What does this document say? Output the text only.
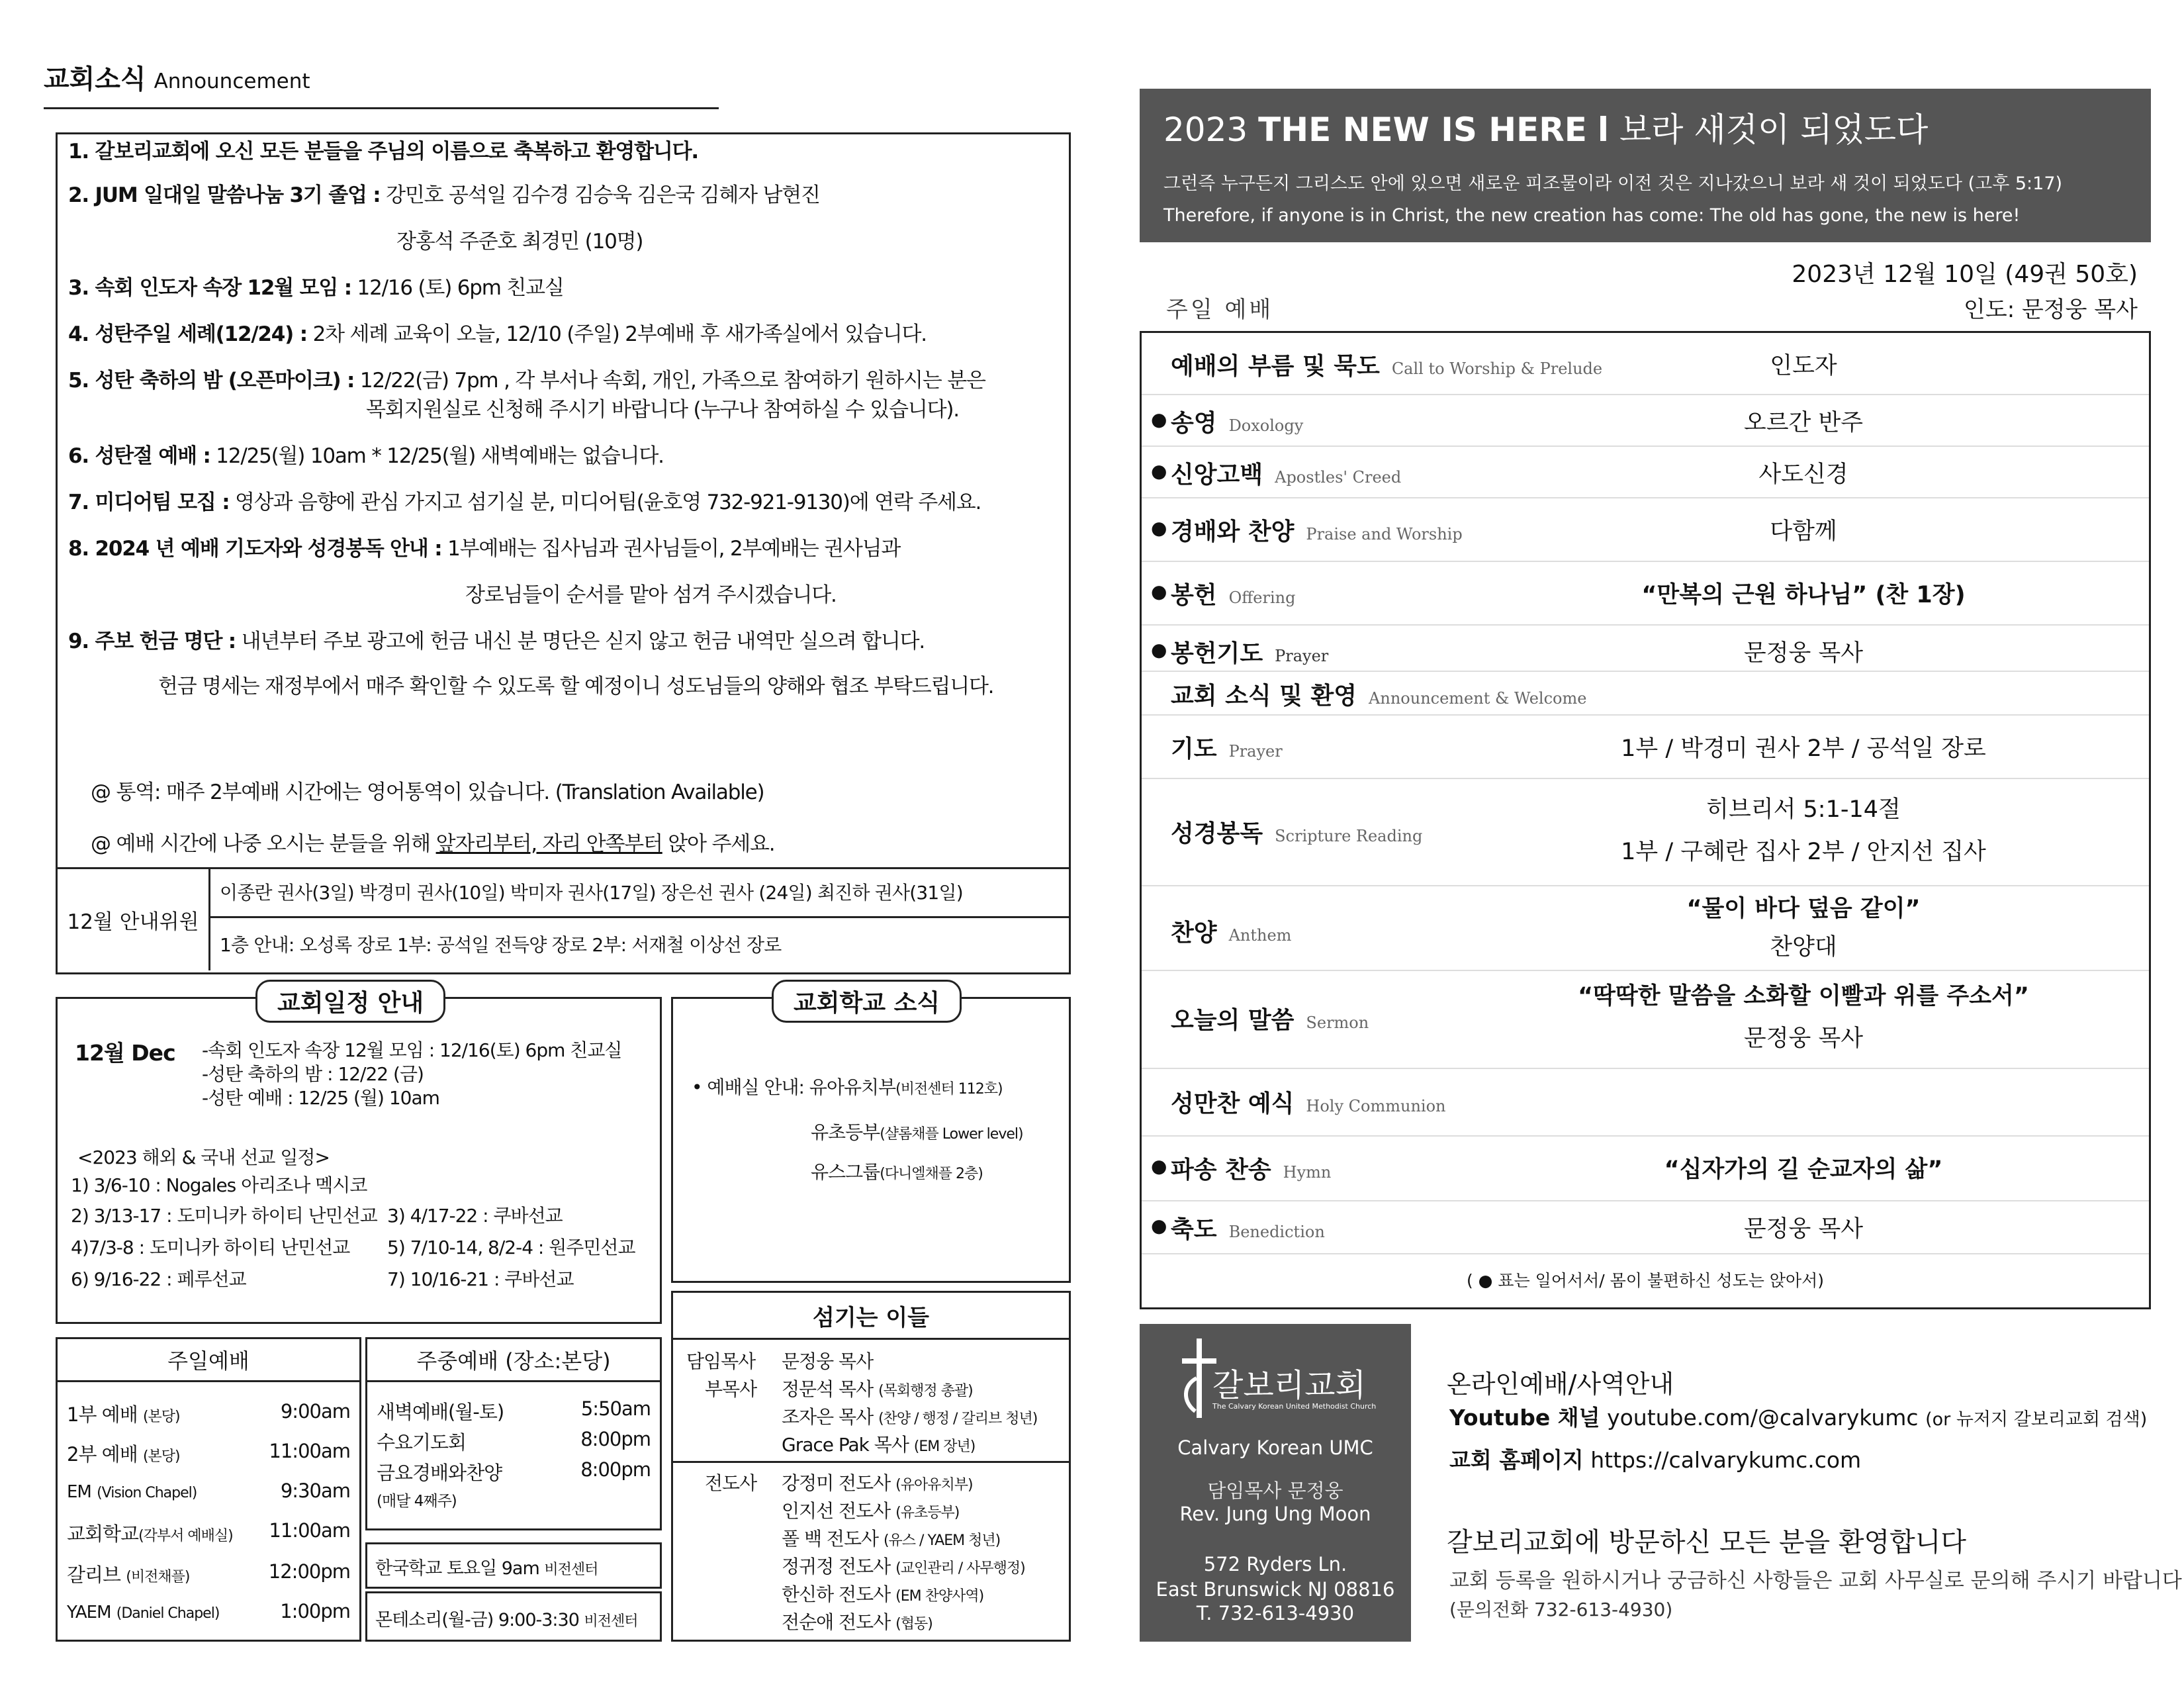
교회소식 Announcement
1. 갈보리교회에 오신 모든 분들을 주님의 이름으로 축복하고 환영합니다.
2. JUM 일대일 말씀나눔 3기 졸업 : 강민호 공석일 김수경 김승욱 김은국 김혜자 남현진
장홍석 주준호 최경민 (10명)
3. 속회 인도자 속장 12월 모임 : 12/16 (토) 6pm 친교실
4. 성탄주일 세례(12/24) : 2차 세례 교육이 오늘, 12/10 (주일) 2부예배 후 새가족실에서 있습니다.
5. 성탄 축하의 밤 (오픈마이크) : 12/22(금) 7pm , 각 부서나 속회, 개인, 가족으로 참여하기 원하시는 분은
목회지원실로 신청해 주시기 바랍니다 (누구나 참여하실 수 있습니다).
6. 성탄절 예배 : 12/25(월) 10am * 12/25(월) 새벽예배는 없습니다.
7. 미디어팀 모집 : 영상과 음향에 관심 가지고 섬기실 분, 미디어팀(윤호영 732-921-9130)에 연락 주세요.
8. 2024 년 예배 기도자와 성경봉독 안내 : 1부예배는 집사님과 권사님들이, 2부예배는 권사님과
장로님들이 순서를 맡아 섬겨 주시겠습니다.
9. 주보 헌금 명단 : 내년부터 주보 광고에 헌금 내신 분 명단은 싣지 않고 헌금 내역만 실으려 합니다.
헌금 명세는 재정부에서 매주 확인할 수 있도록 할 예정이니 성도님들의 양해와 협조 부탁드립니다.
@ 통역: 매주 2부예배 시간에는 영어통역이 있습니다. (Translation Available)
@ 예배 시간에 나중 오시는 분들을 위해 앞자리부터, 자리 안쪽부터 앉아 주세요.
12월 안내위원
이종란 권사(3일) 박경미 권사(10일) 박미자 권사(17일) 장은선 권사 (24일) 최진하 권사(31일)
1층 안내: 오성록 장로 1부: 공석일 전득양 장로 2부: 서재철 이상선 장로
12월 Dec -속회 인도자 속장 12월 모임 : 12/16(토) 6pm 친교실
-성탄 축하의 밤 : 12/22 (금)
-성탄 예배 : 12/25 (월) 10am
<2023 해외 & 국내 선교 일정>
1) 3/6-10 : Nogales 아리조나 멕시코
2) 3/13-17 : 도미니카 하이티 난민선교 3) 4/17-22 : 쿠바선교
4)7/3-8 : 도미니카 하이티 난민선교 5) 7/10-14, 8/2-4 : 원주민선교
6) 9/16-22 : 페루선교	7) 10/16-21 : 쿠바선교
교회일정 안내
• 예배실 안내: 유아유치부(비전센터 112호)
유초등부(샬롬채플 Lower level)
유스그룹(다니엘채플 2층)
교회학교 소식
주일예배
1부 예배 (본당)	9:00am
2부 예배 (본당)	11:00am
EM (Vision Chapel)	9:30am
교회학교(각부서 예배실) 11:00am
갈리브 (비전채플)	12:00pm
YAEM (Daniel Chapel)	1:00pm
주중예배 (장소:본당)
새벽예배(월-토)	5:50am
수요기도회	8:00pm
금요경배와찬양	8:00pm
(매달 4째주)
한국학교 토요일 9am 비전센터
몬테소리(월-금) 9:00-3:30 비전센터
섬기는 이들
담임목사 문정웅 목사
부목사 정문석 목사 (목회행정 총괄)
조자은 목사 (찬양 / 행정 / 갈리브 청년)
Grace Pak 목사 (EM 장년)
전도사 강정미 전도사 (유아유치부)
인지선 전도사 (유초등부)
폴 백 전도사 (유스 / YAEM 청년)
정귀정 전도사 (교인관리 / 사무행정)
한신하 전도사 (EM 찬양사역)
전순애 전도사 (협동)
2023 THE NEW IS HERE l 보라 새것이 되었도다
그런즉 누구든지 그리스도 안에 있으면 새로운 피조물이라 이전 것은 지나갔으니 보라 새 것이 되었도다 (고후 5:17)
Therefore, if anyone is in Christ, the new creation has come: The old has gone, the new is here!
2023년 12월 10일 (49권 50호)
주일 예배	인도: 문정웅 목사
예배의 부름 및 묵도 Call to Worship & Prelude	인도자
● 송영 Doxology	오르간 반주
● 신앙고백 Apostles' Creed	사도신경
● 경배와 찬양 Praise and Worship	다함께
● 봉헌 Offering	“만복의 근원 하나님” (찬 1장)
● 봉헌기도 Prayer	문정웅 목사
교회 소식 및 환영 Announcement & Welcome
기도 Prayer	1부 / 박경미 권사 2부 / 공석일 장로
성경봉독 Scripture Reading
히브리서 5:1-14절
1부 / 구혜란 집사 2부 / 안지선 집사
찬양 Anthem
“물이 바다 덮음 같이”
찬양대
오늘의 말씀 Sermon
“딱딱한 말씀을 소화할 이빨과 위를 주소서”
문정웅 목사
성만찬 예식 Holy Communion
● 파송 찬송 Hymn	“십자가의 길 순교자의 삶”
● 축도 Benediction	문정웅 목사
( ● 표는 일어서서/ 몸이 불편하신 성도는 앉아서)
갈보리교회
The Calvary Korean United Methodist Church
Calvary Korean UMC
담임목사 문정웅
Rev. Jung Ung Moon
572 Ryders Ln.
East Brunswick NJ 08816
T. 732-613-4930
온라인예배/사역안내
Youtube 채널 youtube.com/@calvarykumc (or 뉴저지 갈보리교회 검색)
교회 홈페이지 https://calvarykumc.com
갈보리교회에 방문하신 모든 분을 환영합니다
교회 등록을 원하시거나 궁금하신 사항들은 교회 사무실로 문의해 주시기 바랍니다
(문의전화 732-613-4930)
